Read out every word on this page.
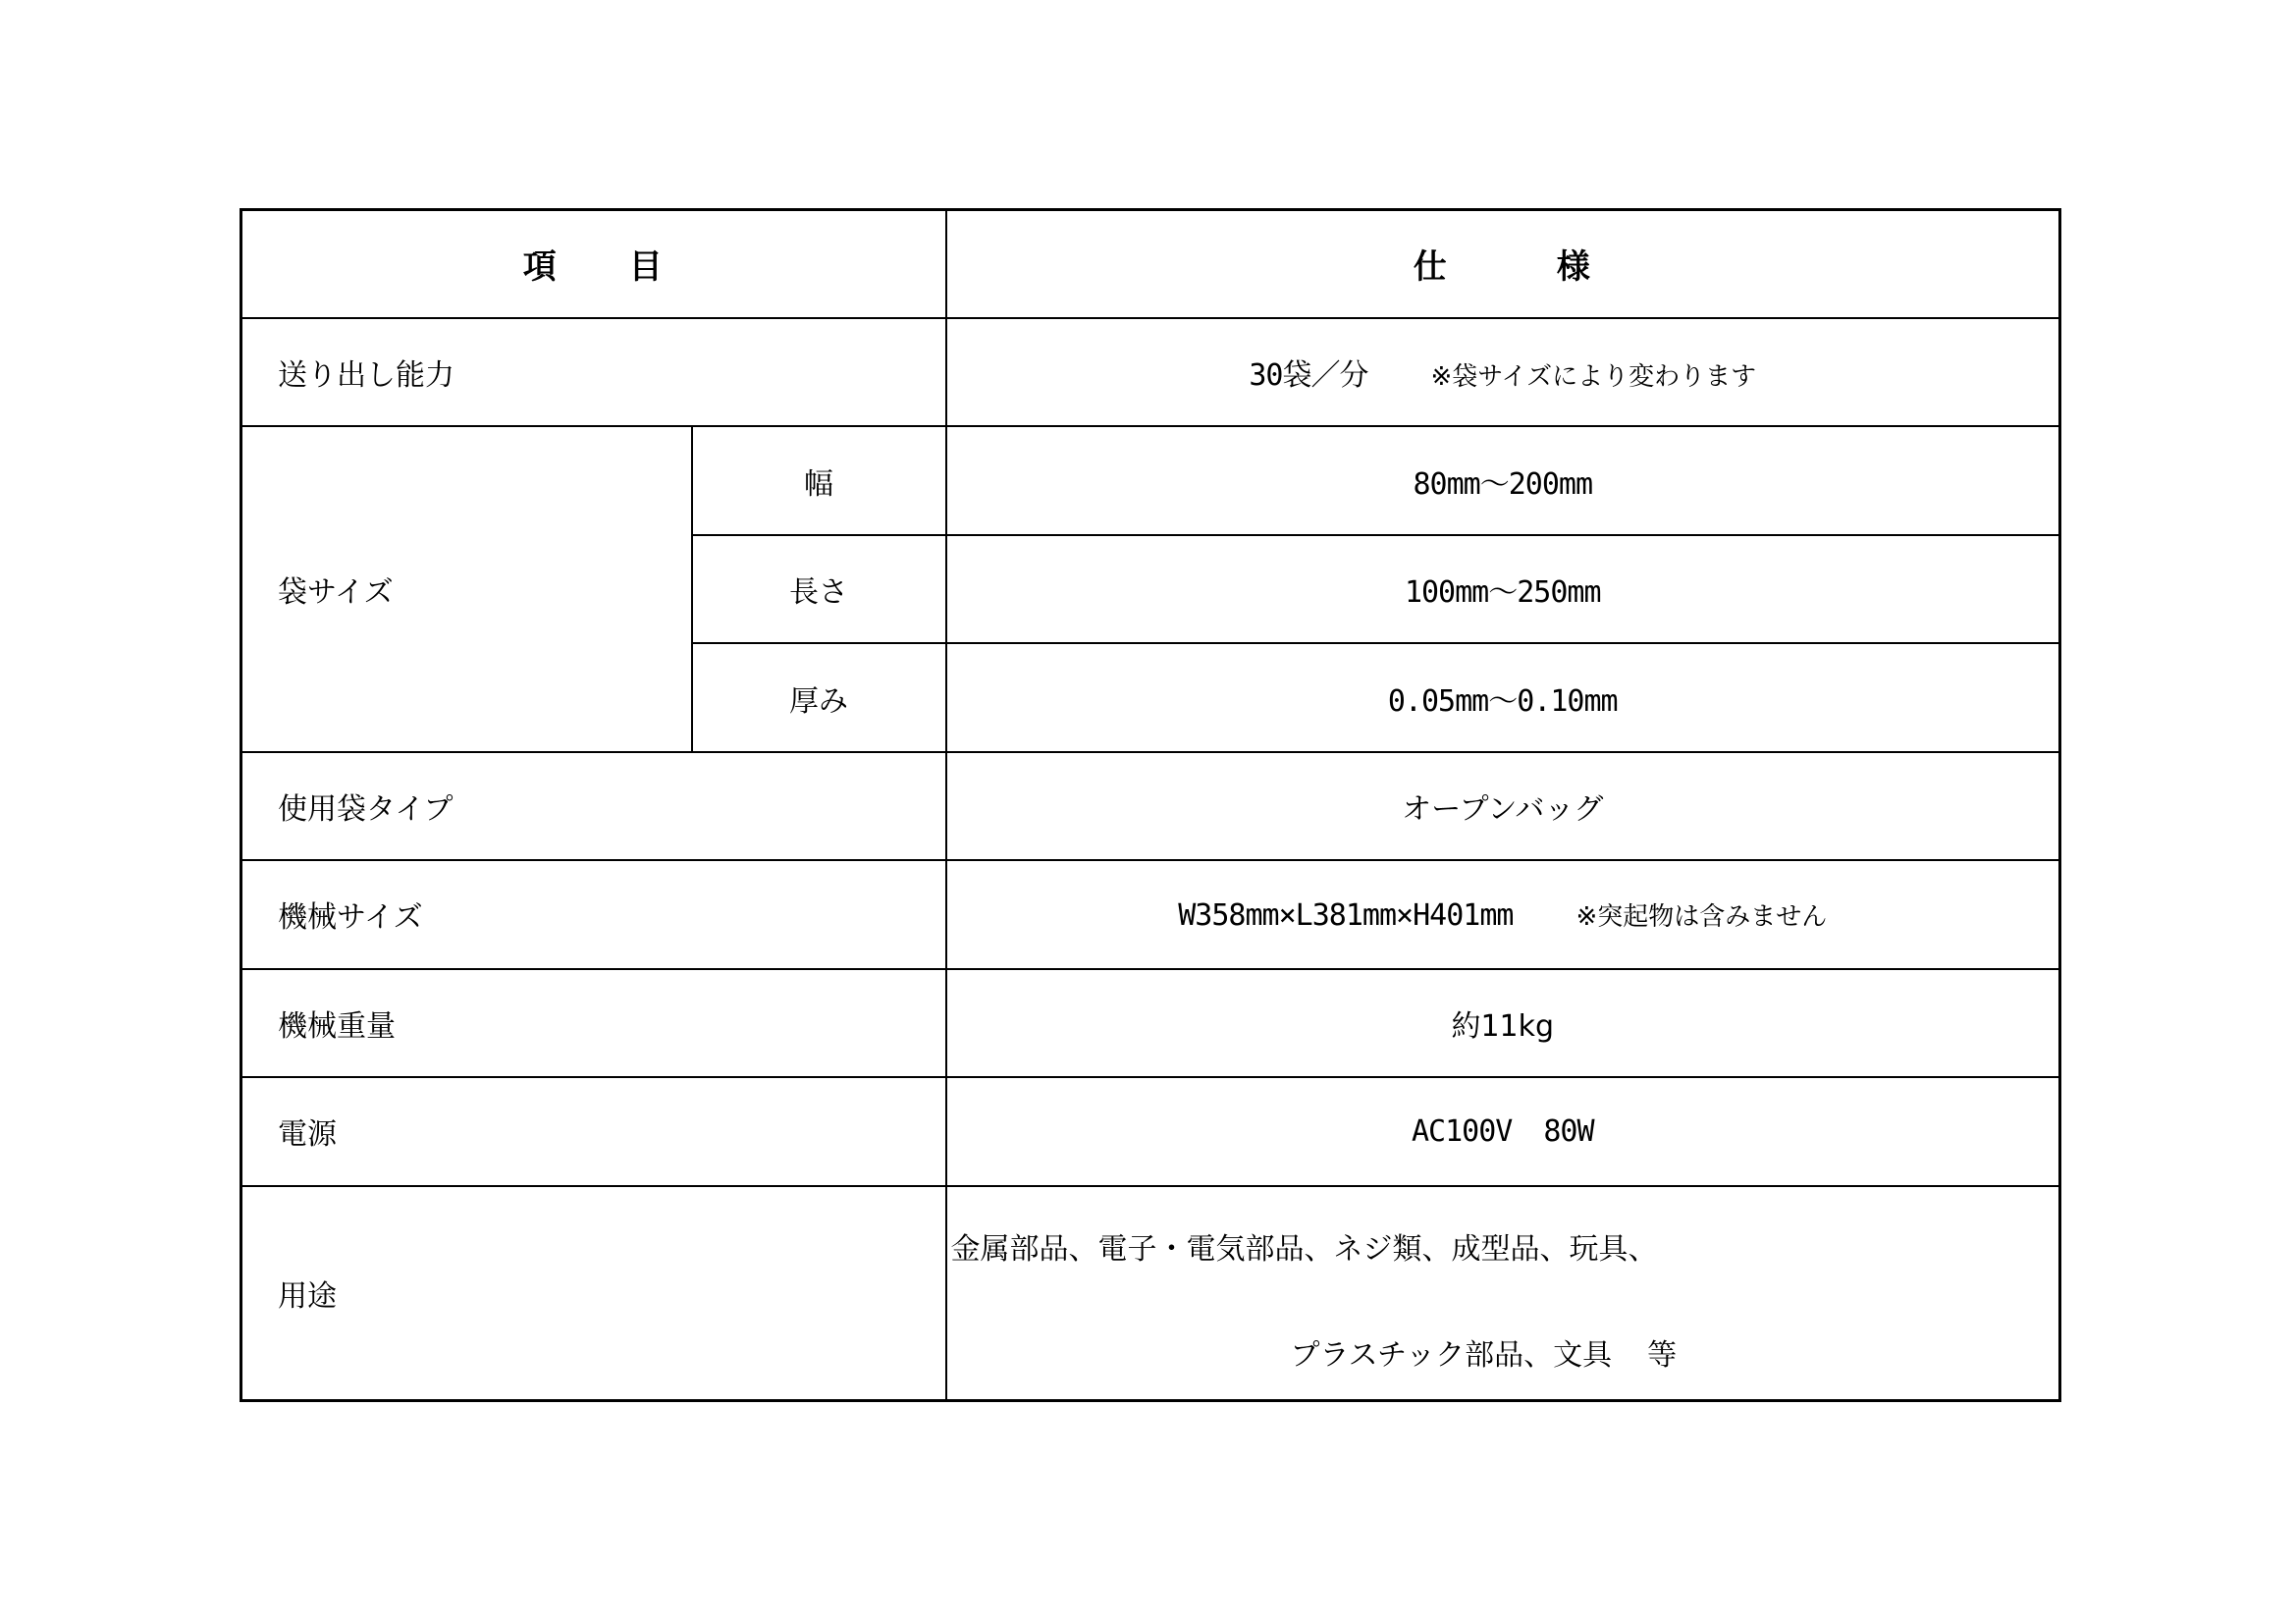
項 目		仕 様
送り出し能力		30袋／分 ※袋サイズにより変わります
袋サイズ	幅	80mm～200mm
	長さ	100mm～250mm
	厚み	0.05mm～0.10mm
使用袋タイプ		オープンバッグ
機械サイズ		W358mm×L381mm×H401mm ※突起物は含みません
機械重量		約11kg
電源		AC100V 80W
用途		金属部品、電子・電気部品、ネジ類、成型品、玩具、
プラスチック部品、文具 等
